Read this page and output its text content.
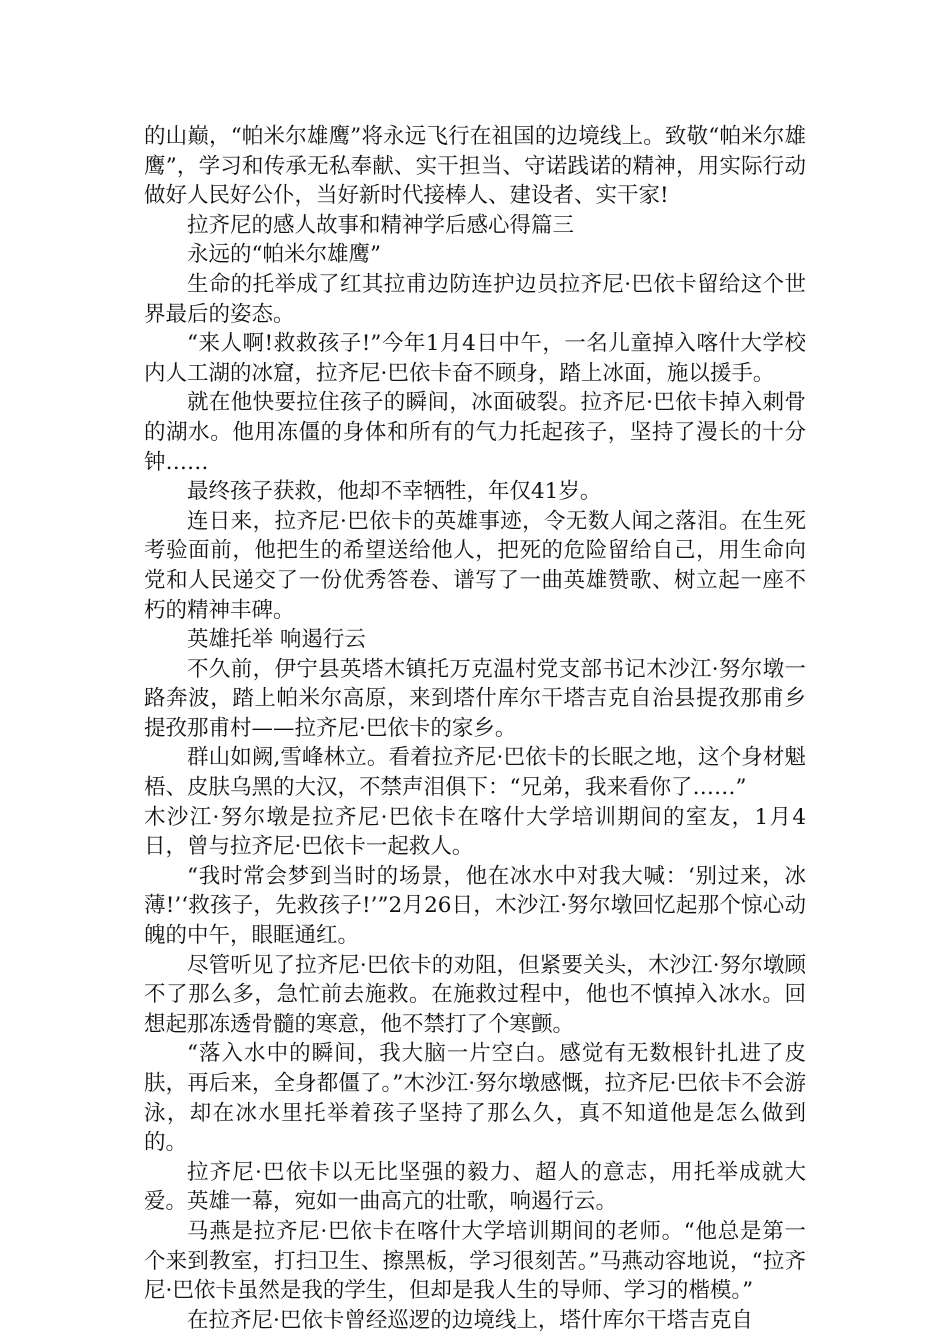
的山巅，“帕米尔雄鹰”将永远飞行在祖国的边境线上。致敬“帕米尔雄鹰”，学习和传承无私奉献、实干担当、守诺践诺的精神，用实际行动做好人民好公仆，当好新时代接棒人、建设者、实干家!

拉齐尼的感人故事和精神学后感心得篇三

永远的“帕米尔雄鹰”

生命的托举成了红其拉甫边防连护边员拉齐尼·巴依卡留给这个世界最后的姿态。

“来人啊!救救孩子!”今年1月4日中午，一名儿童掉入喀什大学校内人工湖的冰窟，拉齐尼·巴依卡奋不顾身，踏上冰面，施以援手。

就在他快要拉住孩子的瞬间，冰面破裂。拉齐尼·巴依卡掉入刺骨的湖水。他用冻僵的身体和所有的气力托起孩子，坚持了漫长的十分钟……

最终孩子获救，他却不幸牺牲，年仅41岁。

连日来，拉齐尼·巴依卡的英雄事迹，令无数人闻之落泪。在生死考验面前，他把生的希望送给他人，把死的危险留给自己，用生命向党和人民递交了一份优秀答卷、谱写了一曲英雄赞歌、树立起一座不朽的精神丰碑。

英雄托举 响遏行云

不久前，伊宁县英塔木镇托万克温村党支部书记木沙江·努尔墩一路奔波，踏上帕米尔高原，来到塔什库尔干塔吉克自治县提孜那甫乡提孜那甫村——拉齐尼·巴依卡的家乡。

群山如阙,雪峰林立。看着拉齐尼·巴依卡的长眠之地，这个身材魁梧、皮肤乌黑的大汉，不禁声泪俱下：“兄弟，我来看你了……”

木沙江·努尔墩是拉齐尼·巴依卡在喀什大学培训期间的室友，1月4日，曾与拉齐尼·巴依卡一起救人。

“我时常会梦到当时的场景，他在冰水中对我大喊：‘别过来，冰薄!’‘救孩子，先救孩子!’”2月26日，木沙江·努尔墩回忆起那个惊心动魄的中午，眼眶通红。

尽管听见了拉齐尼·巴依卡的劝阻，但紧要关头，木沙江·努尔墩顾不了那么多，急忙前去施救。在施救过程中，他也不慎掉入冰水。回想起那冻透骨髓的寒意，他不禁打了个寒颤。

“落入水中的瞬间，我大脑一片空白。感觉有无数根针扎进了皮肤，再后来，全身都僵了。”木沙江·努尔墩感慨，拉齐尼·巴依卡不会游泳，却在冰水里托举着孩子坚持了那么久，真不知道他是怎么做到的。

拉齐尼·巴依卡以无比坚强的毅力、超人的意志，用托举成就大爱。英雄一幕，宛如一曲高亢的壮歌，响遏行云。

马燕是拉齐尼·巴依卡在喀什大学培训期间的老师。“他总是第一个来到教室，打扫卫生、擦黑板，学习很刻苦。”马燕动容地说，“拉齐尼·巴依卡虽然是我的学生，但却是我人生的导师、学习的楷模。”

在拉齐尼·巴依卡曾经巡逻的边境线上，塔什库尔干塔吉克自
